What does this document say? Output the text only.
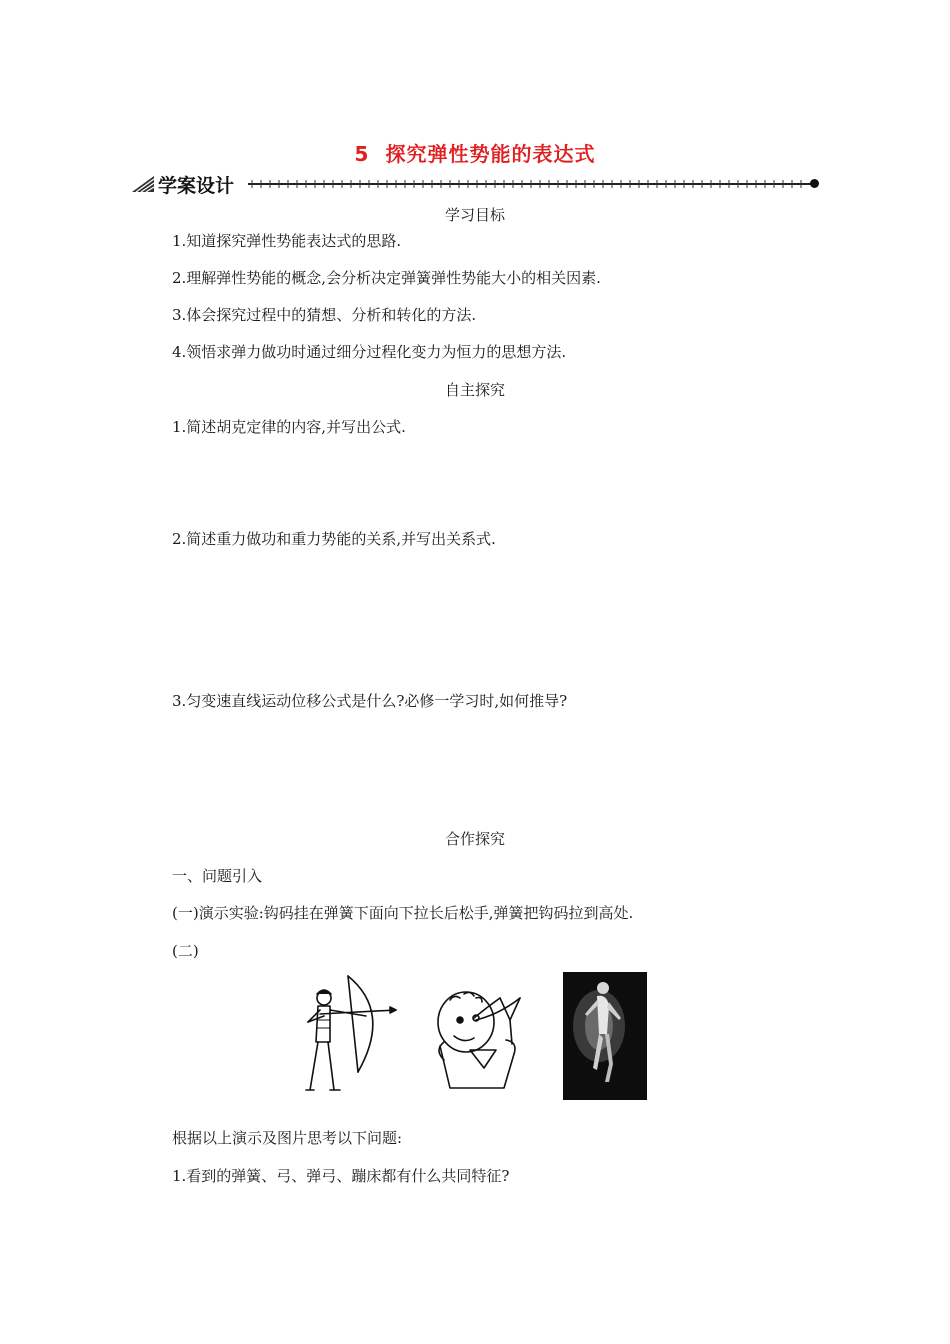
5 探究弹性势能的表达式
学案设计
学习目标
1.知道探究弹性势能表达式的思路.
2.理解弹性势能的概念,会分析决定弹簧弹性势能大小的相关因素.
3.体会探究过程中的猜想、分析和转化的方法.
4.领悟求弹力做功时通过细分过程化变力为恒力的思想方法.
自主探究
1.简述胡克定律的内容,并写出公式.
2.简述重力做功和重力势能的关系,并写出关系式.
3.匀变速直线运动位移公式是什么?必修一学习时,如何推导?
合作探究
一、问题引入
(一)演示实验:钩码挂在弹簧下面向下拉长后松手,弹簧把钩码拉到高处.
(二)
根据以上演示及图片思考以下问题:
1.看到的弹簧、弓、弹弓、蹦床都有什么共同特征?
